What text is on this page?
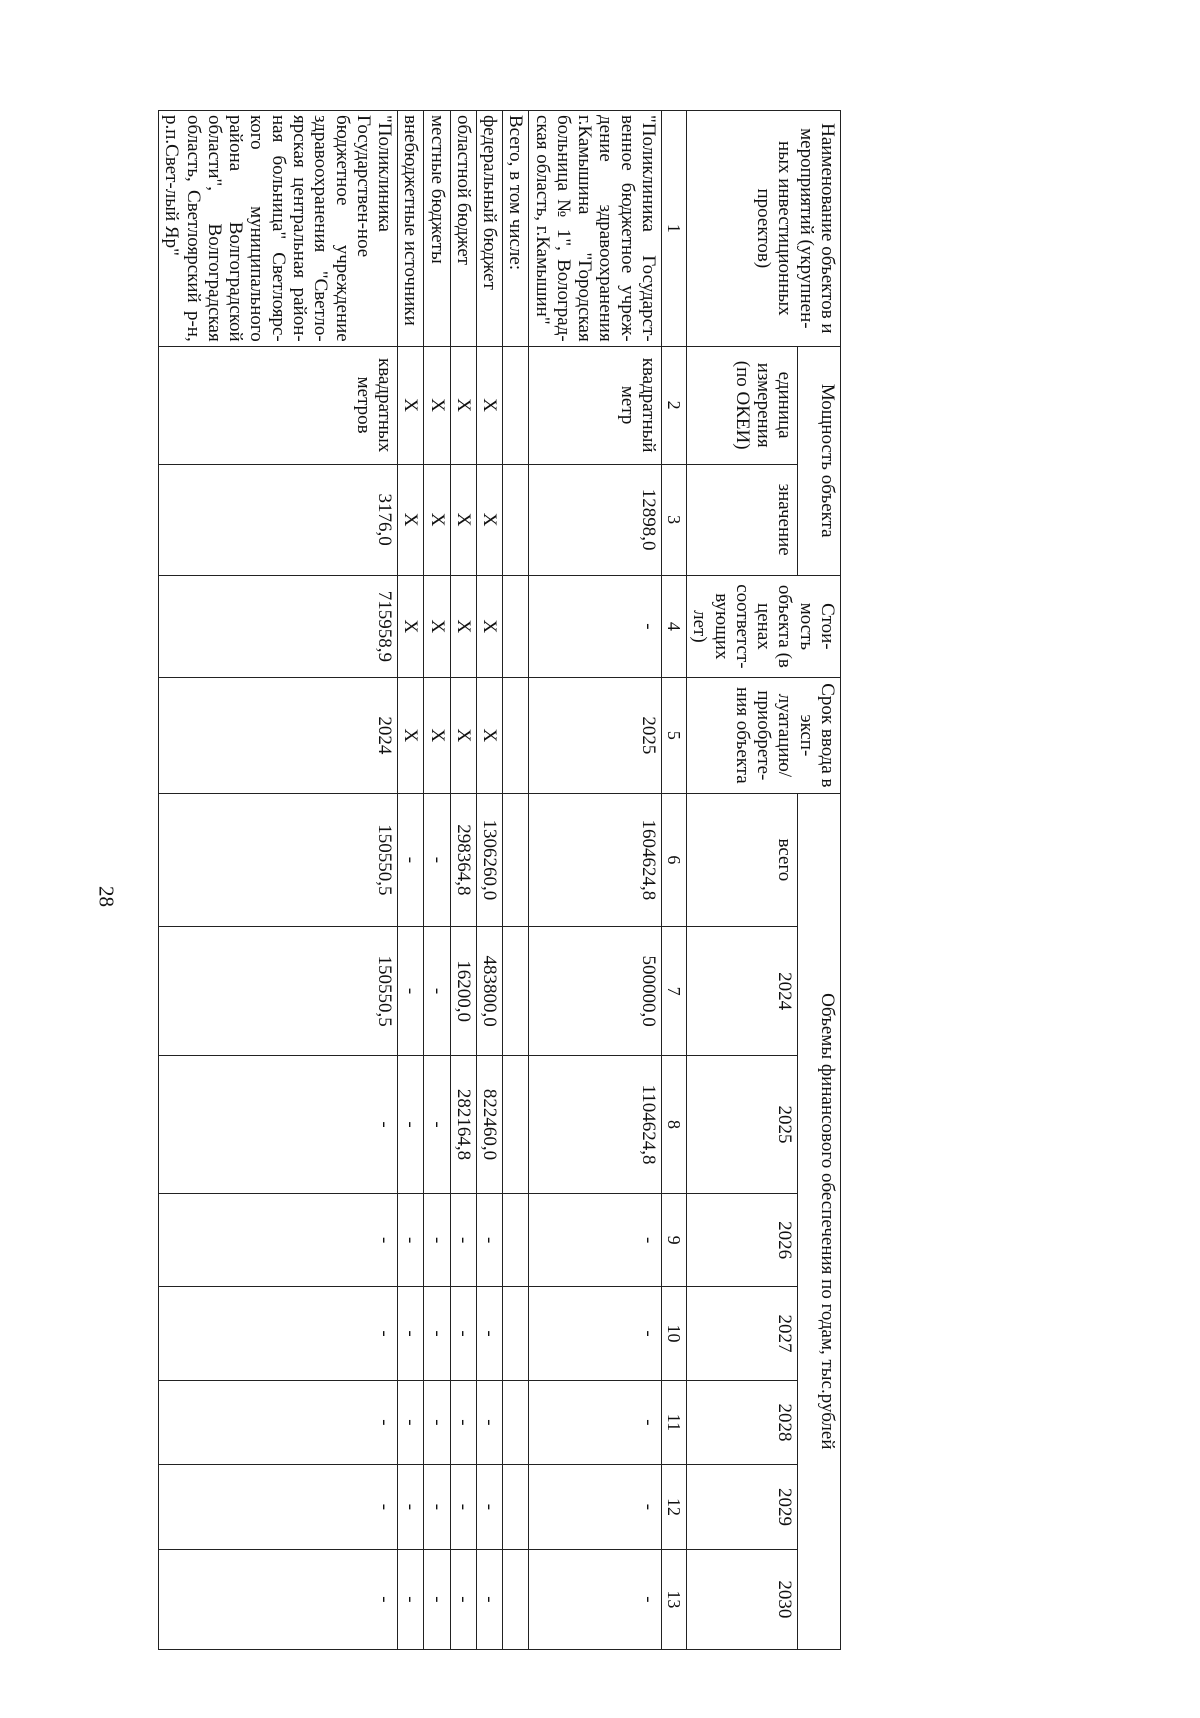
28
Наименование объектов и мероприятий (укрупнен-ных инвестиционных проектов)	Мощность объекта		Стои-мость объекта (в ценах соответст-вующих лет)	Срок ввода в эксп-луатацию/ приобрете-ния объекта	Объемы финансового обеспечения по годам, тыс.рублей							
	единица измерения (по ОКЕИ)	значение			всего	2024	2025	2026	2027	2028	2029	2030
1	2	3	4	5	6	7	8	9	10	11	12	13
"Поликлиника Государст-венное бюджетное учреж-дение здравоохранения г.Камышина "Городская больница № 1", Волоград-ская область, г.Камышин"	квадратный метр	12898,0	-	2025	1604624,8	500000,0	1104624,8	-	-	-	-	-
Всего, в том числе:												
федеральный бюджет	X	X	X	X	1306260,0	483800,0	822460,0	-	-	-	-	-
областной бюджет	X	X	X	X	298364,8	16200,0	282164,8	-	-	-	-	-
местные бюджеты	X	X	X	X	-	-	-	-	-	-	-	-
внебюджетные источники	X	X	X	X	-	-	-	-	-	-	-	-
"Поликлиника Государствен-ное бюджетное учреждение здравоохранения "Светло-ярская центральная район-ная больница" Светлоярс-кого муниципального района Волгоградской области", Волгоградская область, Светлоярский р-н, р.п.Свет-лый Яр"	квадратных метров	3176,0	715958,9	2024	150550,5	150550,5	-	-	-	-	-	-
